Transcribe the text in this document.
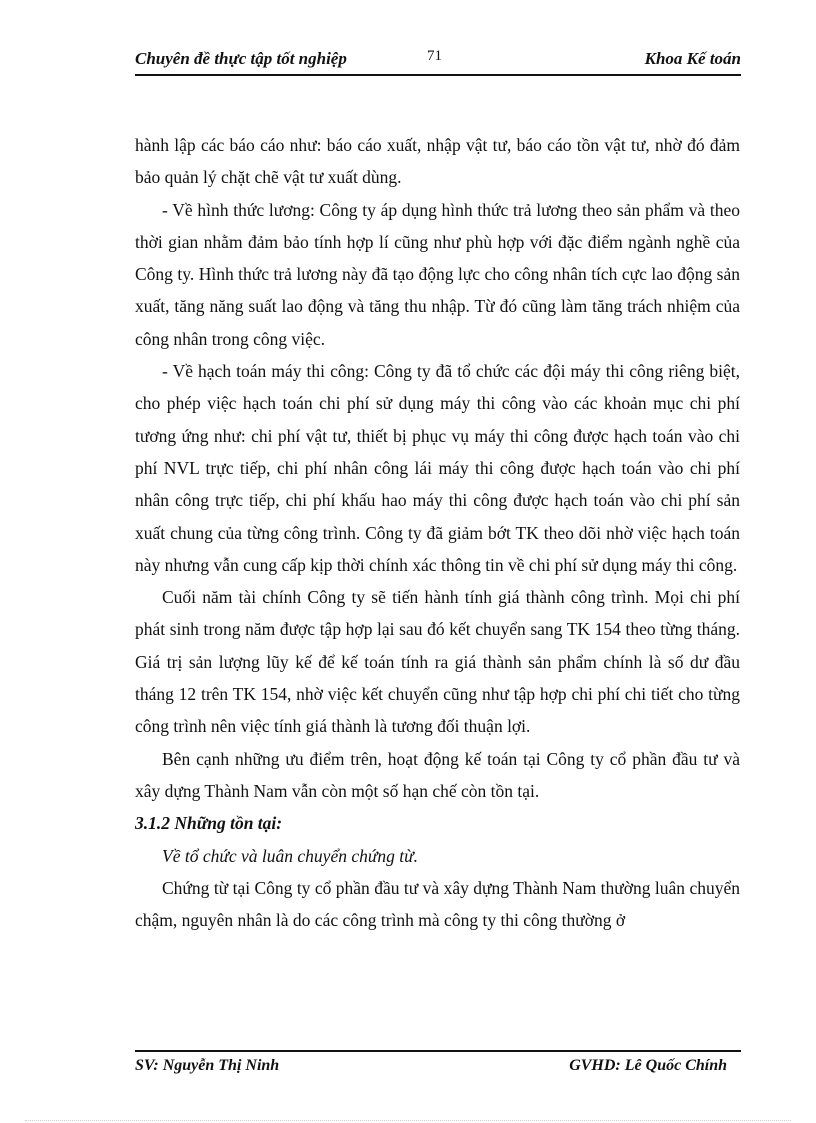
Chuyên đề thực tập tốt nghiệp	71	Khoa Kế toán

hành lập các báo cáo như: báo cáo xuất, nhập vật tư, báo cáo tồn vật tư, nhờ đó đảm bảo quản lý chặt chẽ vật tư xuất dùng.

- Về hình thức lương: Công ty áp dụng hình thức trả lương theo sản phẩm và theo thời gian nhằm đảm bảo tính hợp lí cũng như phù hợp với đặc điểm ngành nghề của Công ty. Hình thức trả lương này đã tạo động lực cho công nhân tích cực lao động sản xuất, tăng năng suất lao động và tăng thu nhập. Từ đó cũng làm tăng trách nhiệm của công nhân trong công việc.

- Về hạch toán máy thi công: Công ty đã tổ chức các đội máy thi công riêng biệt, cho phép việc hạch toán chi phí sử dụng máy thi công vào các khoản mục chi phí tương ứng như: chi phí vật tư, thiết bị phục vụ máy thi công được hạch toán vào chi phí NVL trực tiếp, chi phí nhân công lái máy thi công được hạch toán vào chi phí nhân công trực tiếp, chi phí khấu hao máy thi công được hạch toán vào chi phí sản xuất chung của từng công trình. Công ty đã giảm bớt TK theo dõi nhờ việc hạch toán này nhưng vẫn cung cấp kịp thời chính xác thông tin về chi phí sử dụng máy thi công.

Cuối năm tài chính Công ty sẽ tiến hành tính giá thành công trình. Mọi chi phí phát sinh trong năm được tập hợp lại sau đó kết chuyển sang TK 154 theo từng tháng. Giá trị sản lượng lũy kế để kế toán tính ra giá thành sản phẩm chính là số dư đầu tháng 12 trên TK 154, nhờ việc kết chuyển cũng như tập hợp chi phí chi tiết cho từng công trình nên việc tính giá thành là tương đối thuận lợi.

Bên cạnh những ưu điểm trên, hoạt động kế toán tại Công ty cổ phần đầu tư và xây dựng Thành Nam vẫn còn một số hạn chế còn tồn tại.

3.1.2 Những tồn tại:

Về tổ chức và luân chuyển chứng từ.

Chứng từ tại Công ty cổ phần đầu tư và xây dựng Thành Nam thường luân chuyển chậm, nguyên nhân là do các công trình mà công ty thi công thường ở

SV: Nguyễn Thị Ninh	GVHD: Lê Quốc Chính
